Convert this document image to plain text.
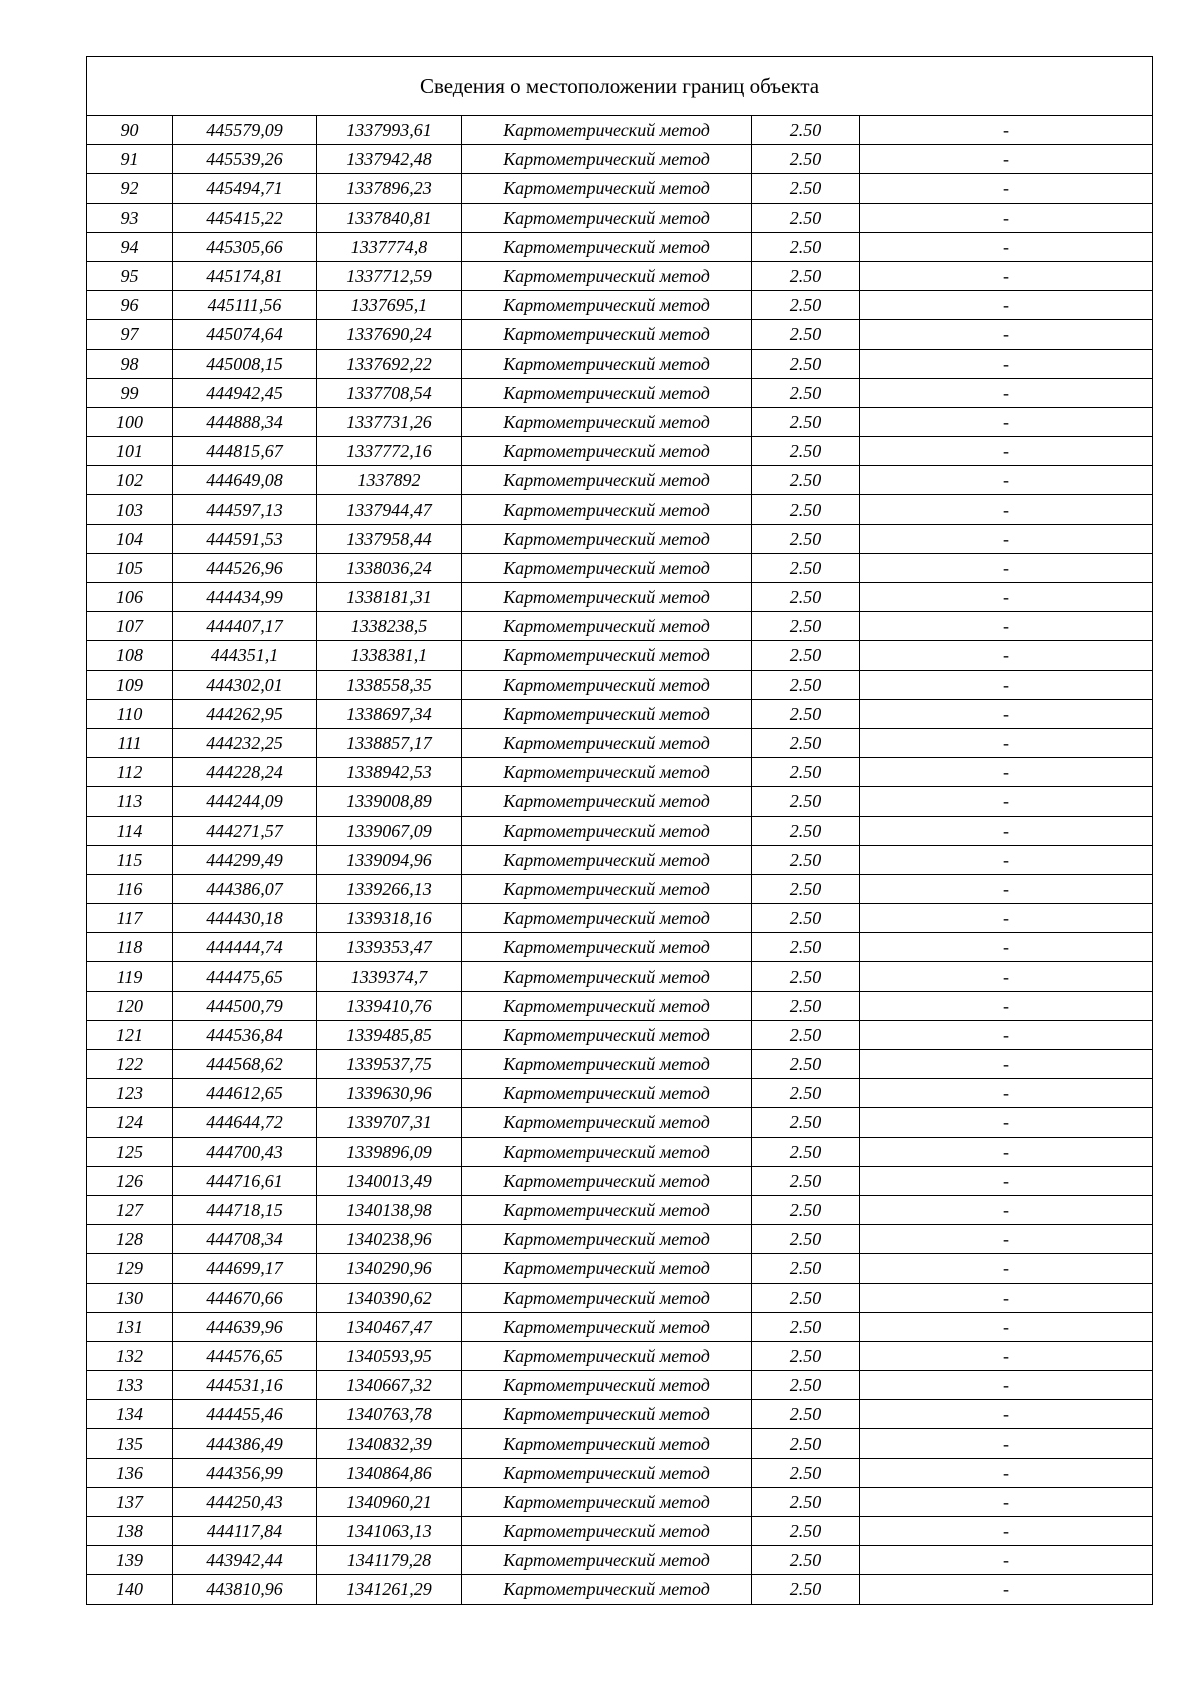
Сведения о местоположении границ объекта					
90	445579,09	1337993,61	Картометрический метод	2.50	-
91	445539,26	1337942,48	Картометрический метод	2.50	-
92	445494,71	1337896,23	Картометрический метод	2.50	-
93	445415,22	1337840,81	Картометрический метод	2.50	-
94	445305,66	1337774,8	Картометрический метод	2.50	-
95	445174,81	1337712,59	Картометрический метод	2.50	-
96	445111,56	1337695,1	Картометрический метод	2.50	-
97	445074,64	1337690,24	Картометрический метод	2.50	-
98	445008,15	1337692,22	Картометрический метод	2.50	-
99	444942,45	1337708,54	Картометрический метод	2.50	-
100	444888,34	1337731,26	Картометрический метод	2.50	-
101	444815,67	1337772,16	Картометрический метод	2.50	-
102	444649,08	1337892	Картометрический метод	2.50	-
103	444597,13	1337944,47	Картометрический метод	2.50	-
104	444591,53	1337958,44	Картометрический метод	2.50	-
105	444526,96	1338036,24	Картометрический метод	2.50	-
106	444434,99	1338181,31	Картометрический метод	2.50	-
107	444407,17	1338238,5	Картометрический метод	2.50	-
108	444351,1	1338381,1	Картометрический метод	2.50	-
109	444302,01	1338558,35	Картометрический метод	2.50	-
110	444262,95	1338697,34	Картометрический метод	2.50	-
111	444232,25	1338857,17	Картометрический метод	2.50	-
112	444228,24	1338942,53	Картометрический метод	2.50	-
113	444244,09	1339008,89	Картометрический метод	2.50	-
114	444271,57	1339067,09	Картометрический метод	2.50	-
115	444299,49	1339094,96	Картометрический метод	2.50	-
116	444386,07	1339266,13	Картометрический метод	2.50	-
117	444430,18	1339318,16	Картометрический метод	2.50	-
118	444444,74	1339353,47	Картометрический метод	2.50	-
119	444475,65	1339374,7	Картометрический метод	2.50	-
120	444500,79	1339410,76	Картометрический метод	2.50	-
121	444536,84	1339485,85	Картометрический метод	2.50	-
122	444568,62	1339537,75	Картометрический метод	2.50	-
123	444612,65	1339630,96	Картометрический метод	2.50	-
124	444644,72	1339707,31	Картометрический метод	2.50	-
125	444700,43	1339896,09	Картометрический метод	2.50	-
126	444716,61	1340013,49	Картометрический метод	2.50	-
127	444718,15	1340138,98	Картометрический метод	2.50	-
128	444708,34	1340238,96	Картометрический метод	2.50	-
129	444699,17	1340290,96	Картометрический метод	2.50	-
130	444670,66	1340390,62	Картометрический метод	2.50	-
131	444639,96	1340467,47	Картометрический метод	2.50	-
132	444576,65	1340593,95	Картометрический метод	2.50	-
133	444531,16	1340667,32	Картометрический метод	2.50	-
134	444455,46	1340763,78	Картометрический метод	2.50	-
135	444386,49	1340832,39	Картометрический метод	2.50	-
136	444356,99	1340864,86	Картометрический метод	2.50	-
137	444250,43	1340960,21	Картометрический метод	2.50	-
138	444117,84	1341063,13	Картометрический метод	2.50	-
139	443942,44	1341179,28	Картометрический метод	2.50	-
140	443810,96	1341261,29	Картометрический метод	2.50	-
